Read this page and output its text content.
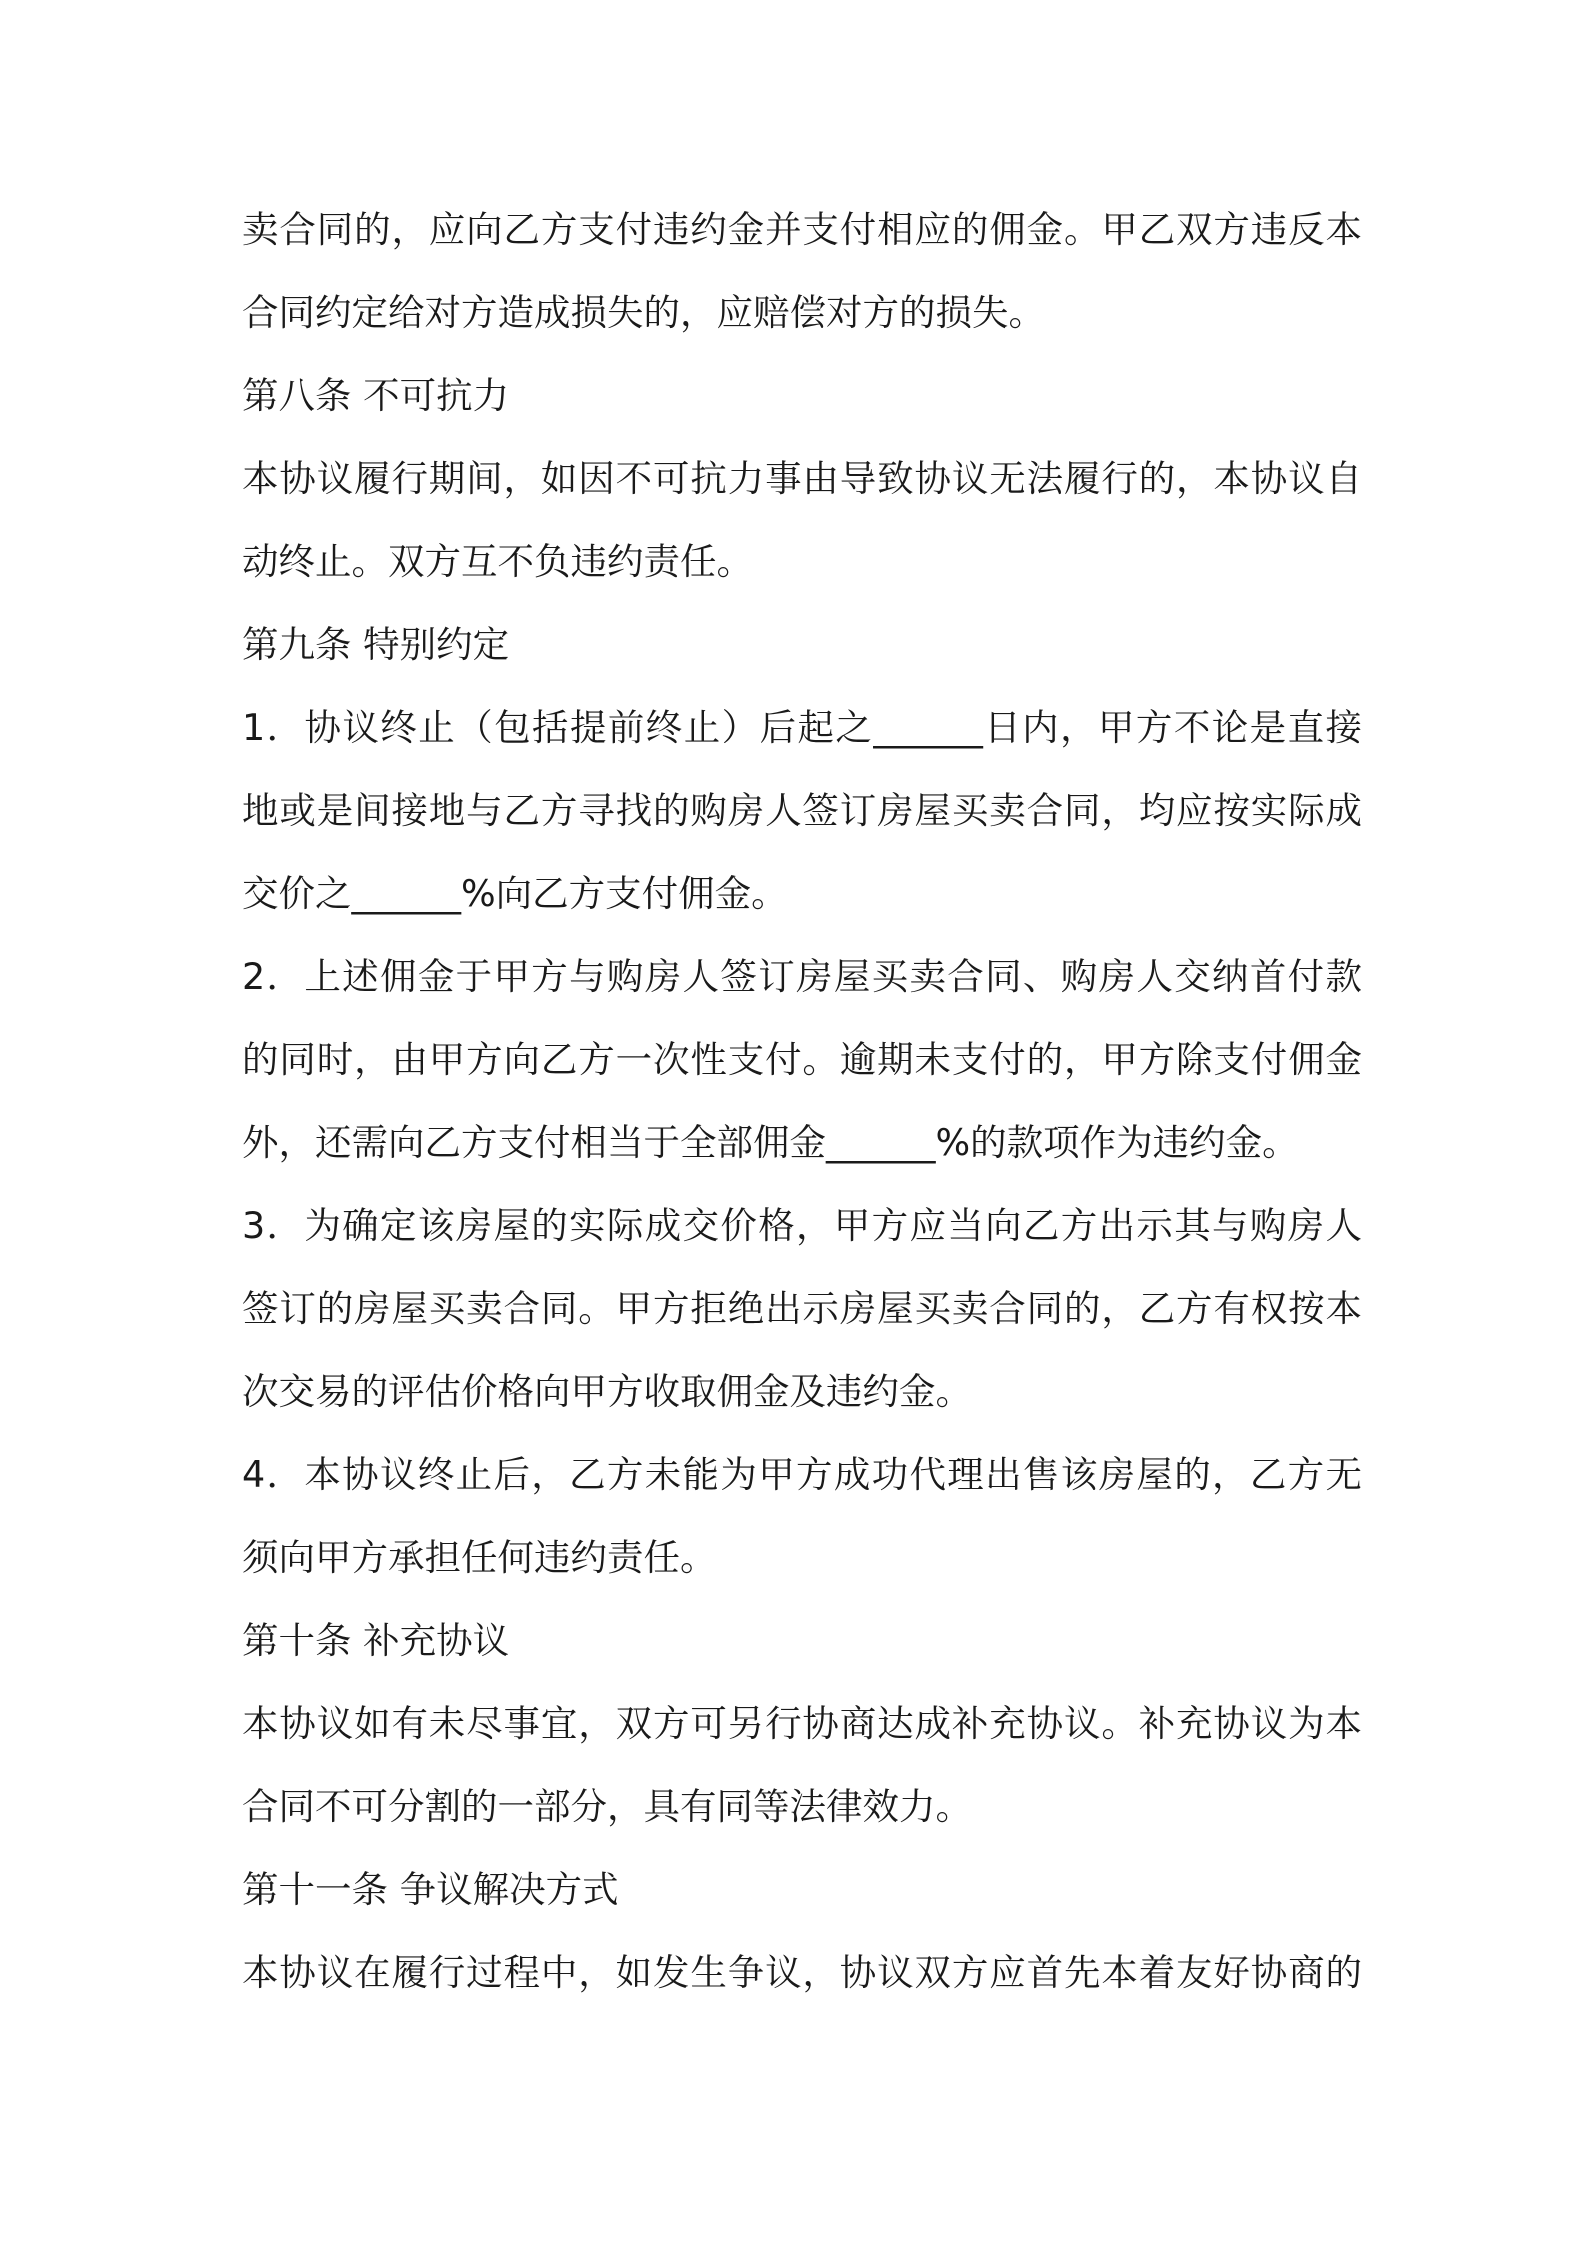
卖合同的，应向乙方支付违约金并支付相应的佣金。甲乙双方违反本
合同约定给对方造成损失的，应赔偿对方的损失。
第八条 不可抗力
本协议履行期间，如因不可抗力事由导致协议无法履行的，本协议自
动终止。双方互不负违约责任。
第九条 特别约定
1．协议终止（包括提前终止）后起之______日内，甲方不论是直接
地或是间接地与乙方寻找的购房人签订房屋买卖合同，均应按实际成
交价之______%向乙方支付佣金。
2．上述佣金于甲方与购房人签订房屋买卖合同、购房人交纳首付款
的同时，由甲方向乙方一次性支付。逾期未支付的，甲方除支付佣金
外，还需向乙方支付相当于全部佣金______%的款项作为违约金。
3．为确定该房屋的实际成交价格，甲方应当向乙方出示其与购房人
签订的房屋买卖合同。甲方拒绝出示房屋买卖合同的，乙方有权按本
次交易的评估价格向甲方收取佣金及违约金。
4．本协议终止后，乙方未能为甲方成功代理出售该房屋的，乙方无
须向甲方承担任何违约责任。
第十条 补充协议
本协议如有未尽事宜，双方可另行协商达成补充协议。补充协议为本
合同不可分割的一部分，具有同等法律效力。
第十一条 争议解决方式
本协议在履行过程中，如发生争议，协议双方应首先本着友好协商的
